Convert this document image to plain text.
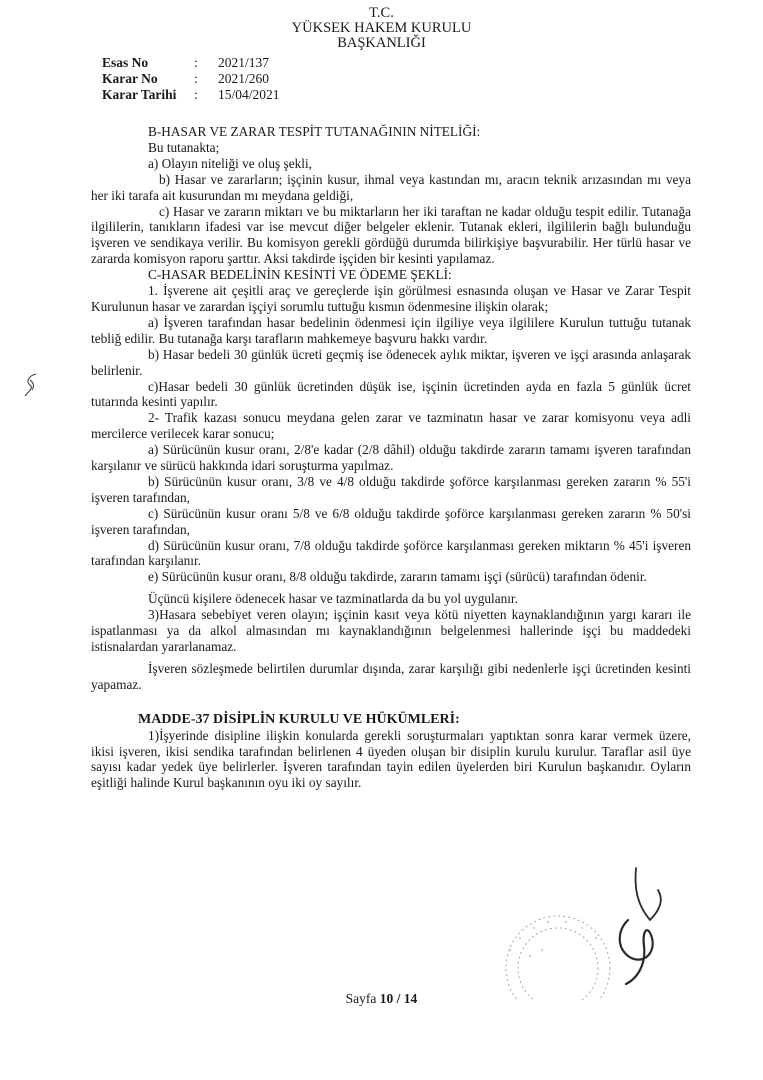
T.C.
YÜKSEK HAKEM KURULU
BAŞKANLIĞI
Esas No	:	2021/137
Karar No	:	2021/260
Karar Tarihi	:	15/04/2021

B-HASAR VE ZARAR TESPİT TUTANAĞININ NİTELİĞİ:

Bu tutanakta;

a) Olayın niteliği ve oluş şekli,

b) Hasar ve zararların; işçinin kusur, ihmal veya kastından mı, aracın teknik arızasından mı veya her iki tarafa ait kusurundan mı meydana geldiği,

c) Hasar ve zararın miktarı ve bu miktarların her iki taraftan ne kadar olduğu tespit edilir. Tutanağa ilgililerin, tanıkların ifadesi var ise mevcut diğer belgeler eklenir. Tutanak ekleri, ilgililerin bağlı bulunduğu işveren ve sendikaya verilir. Bu komisyon gerekli gördüğü durumda bilirkişiye başvurabilir. Her türlü hasar ve zararda komisyon raporu şarttır. Aksi takdirde işçiden bir kesinti yapılamaz.

C-HASAR BEDELİNİN KESİNTİ VE ÖDEME ŞEKLİ:

1. İşverene ait çeşitli araç ve gereçlerde işin görülmesi esnasında oluşan ve Hasar ve Zarar Tespit Kurulunun hasar ve zarardan işçiyi sorumlu tuttuğu kısmın ödenmesine ilişkin olarak;

a) İşveren tarafından hasar bedelinin ödenmesi için ilgiliye veya ilgililere Kurulun tuttuğu tutanak tebliğ edilir. Bu tutanağa karşı tarafların mahkemeye başvuru hakkı vardır.

b) Hasar bedeli 30 günlük ücreti geçmiş ise ödenecek aylık miktar, işveren ve işçi arasında anlaşarak belirlenir.

c)Hasar bedeli 30 günlük ücretinden düşük ise, işçinin ücretinden ayda en fazla 5 günlük ücret tutarında kesinti yapılır.

2- Trafik kazası sonucu meydana gelen zarar ve tazminatın hasar ve zarar komisyonu veya adli mercilerce verilecek karar sonucu;

a) Sürücünün kusur oranı, 2/8'e kadar (2/8 dâhil) olduğu takdirde zararın tamamı işveren tarafından karşılanır ve sürücü hakkında idari soruşturma yapılmaz.

b) Sürücünün kusur oranı, 3/8 ve 4/8 olduğu takdirde şoförce karşılanması gereken zararın % 55'i işveren tarafından,

c) Sürücünün kusur oranı 5/8 ve 6/8 olduğu takdirde şoförce karşılanması gereken zararın % 50'si işveren tarafından,

d) Sürücünün kusur oranı, 7/8 olduğu takdirde şoförce karşılanması gereken miktarın % 45'i işveren tarafından karşılanır.

e) Sürücünün kusur oranı, 8/8 olduğu takdirde, zararın tamamı işçi (sürücü) tarafından ödenir.

Üçüncü kişilere ödenecek hasar ve tazminatlarda da bu yol uygulanır.

3)Hasara sebebiyet veren olayın; işçinin kasıt veya kötü niyetten kaynaklandığının yargı kararı ile ispatlanması ya da alkol almasından mı kaynaklandığının belgelenmesi hallerinde işçi bu maddedeki istisnalardan yararlanamaz.

İşveren sözleşmede belirtilen durumlar dışında, zarar karşılığı gibi nedenlerle işçi ücretinden kesinti yapamaz.

MADDE-37 DİSİPLİN KURULU VE HÜKÜMLERİ:

1)İşyerinde disipline ilişkin konularda gerekli soruşturmaları yaptıktan sonra karar vermek üzere, ikisi işveren, ikisi sendika tarafından belirlenen 4 üyeden oluşan bir disiplin kurulu kurulur. Taraflar asil üye sayısı kadar yedek üye belirlerler. İşveren tarafından tayin edilen üyelerden biri Kurulun başkanıdır. Oyların eşitliği halinde Kurul başkanının oyu iki oy sayılır.

Sayfa 10 / 14
